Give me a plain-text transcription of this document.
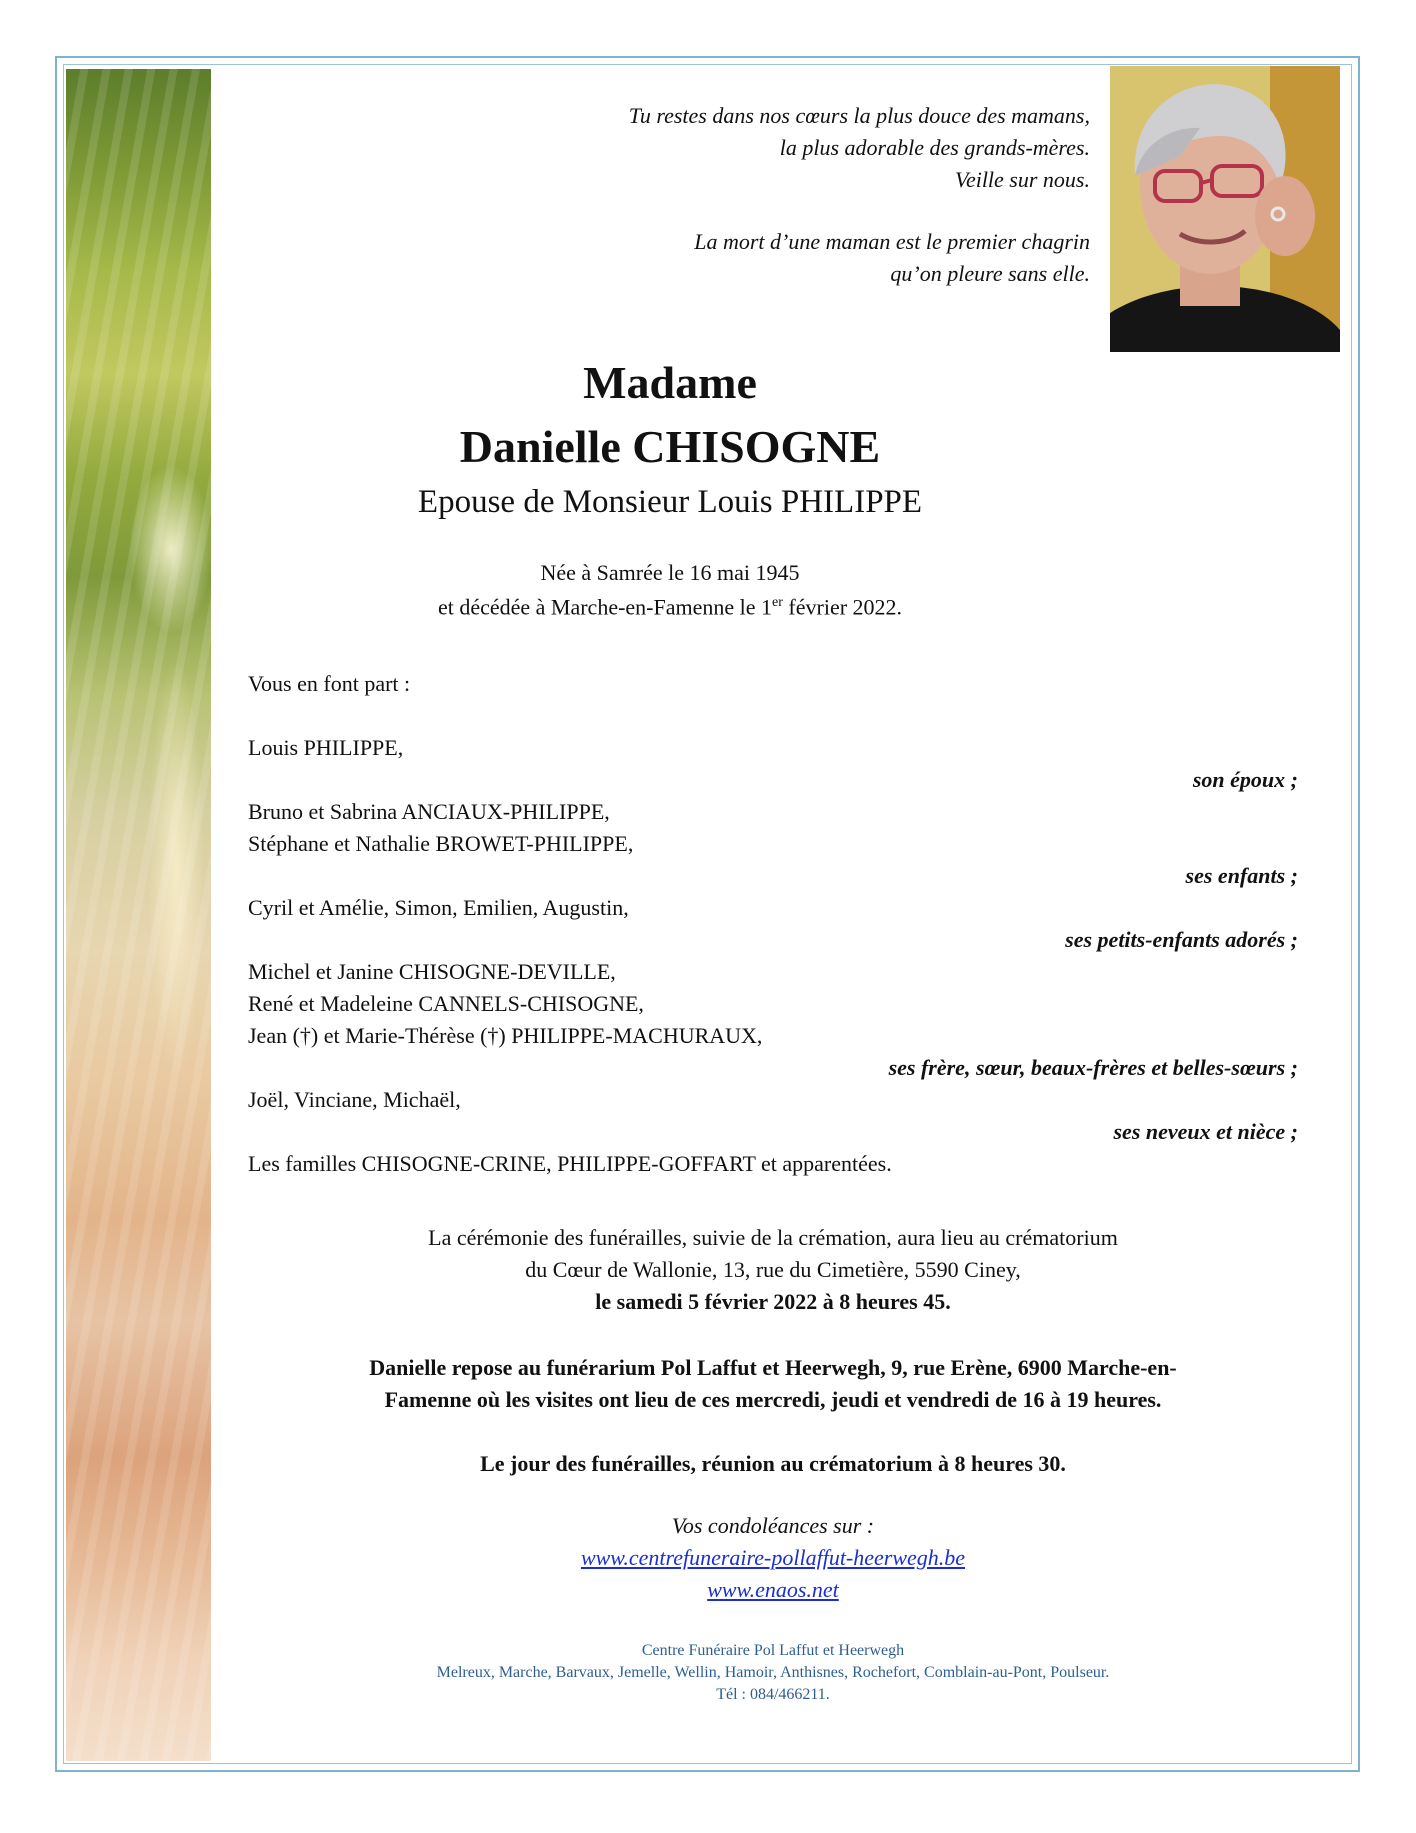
Tu restes dans nos cœurs la plus douce des mamans,
la plus adorable des grands-mères.
Veille sur nous.
La mort d’une maman est le premier chagrin
qu’on pleure sans elle.
Madame
Danielle CHISOGNE
Epouse de Monsieur Louis PHILIPPE
Née à Samrée le 16 mai 1945
et décédée à Marche-en-Famenne le 1er février 2022.
Vous en font part :
Louis PHILIPPE,
son époux ;
Bruno et Sabrina ANCIAUX-PHILIPPE,
Stéphane et Nathalie BROWET-PHILIPPE,
ses enfants ;
Cyril et Amélie, Simon, Emilien, Augustin,
ses petits-enfants adorés ;
Michel et Janine CHISOGNE-DEVILLE,
René et Madeleine CANNELS-CHISOGNE,
Jean (†) et Marie-Thérèse (†) PHILIPPE-MACHURAUX,
ses frère, sœur, beaux-frères et belles-sœurs ;
Joël, Vinciane, Michaël,
ses neveux et nièce ;
Les familles CHISOGNE-CRINE, PHILIPPE-GOFFART et apparentées.
La cérémonie des funérailles, suivie de la crémation, aura lieu au crématorium
du Cœur de Wallonie, 13, rue du Cimetière, 5590 Ciney,
le samedi 5 février 2022 à 8 heures 45.
Danielle repose au funérarium Pol Laffut et Heerwegh, 9, rue Erène, 6900 Marche-en-
Famenne où les visites ont lieu de ces mercredi, jeudi et vendredi de 16 à 19 heures.
Le jour des funérailles, réunion au crématorium à 8 heures 30.
Vos condoléances sur :
www.centrefuneraire-pollaffut-heerwegh.be
www.enaos.net
Centre Funéraire Pol Laffut et Heerwegh
Melreux, Marche, Barvaux, Jemelle, Wellin, Hamoir, Anthisnes, Rochefort, Comblain-au-Pont, Poulseur.
Tél : 084/466211.
